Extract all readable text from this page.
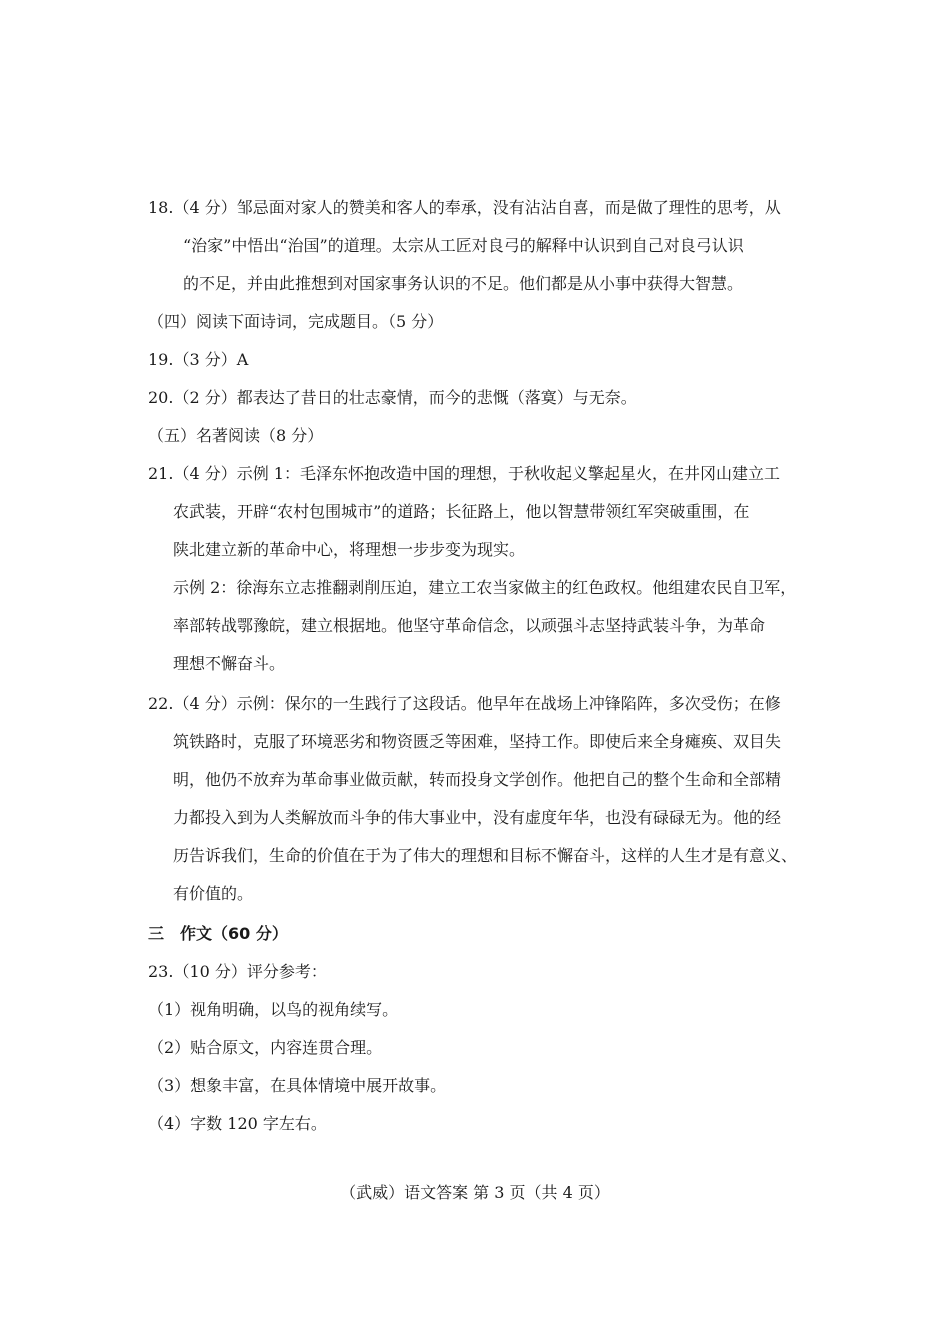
18.（4 分）邹忌面对家人的赞美和客人的奉承，没有沾沾自喜，而是做了理性的思考，从
“治家”中悟出“治国”的道理。太宗从工匠对良弓的解释中认识到自己对良弓认识
的不足，并由此推想到对国家事务认识的不足。他们都是从小事中获得大智慧。
（四）阅读下面诗词，完成题目。（5 分）
19.（3 分）A
20.（2 分）都表达了昔日的壮志豪情，而今的悲慨（落寞）与无奈。
（五）名著阅读（8 分）
21.（4 分）示例 1：毛泽东怀抱改造中国的理想，于秋收起义擎起星火，在井冈山建立工
农武装，开辟“农村包围城市”的道路；长征路上，他以智慧带领红军突破重围，在
陕北建立新的革命中心，将理想一步步变为现实。
示例 2：徐海东立志推翻剥削压迫，建立工农当家做主的红色政权。他组建农民自卫军，
率部转战鄂豫皖，建立根据地。他坚守革命信念，以顽强斗志坚持武装斗争，为革命
理想不懈奋斗。
22.（4 分）示例：保尔的一生践行了这段话。他早年在战场上冲锋陷阵，多次受伤；在修
筑铁路时，克服了环境恶劣和物资匮乏等困难，坚持工作。即使后来全身瘫痪、双目失
明，他仍不放弃为革命事业做贡献，转而投身文学创作。他把自己的整个生命和全部精
力都投入到为人类解放而斗争的伟大事业中，没有虚度年华，也没有碌碌无为。他的经
历告诉我们，生命的价值在于为了伟大的理想和目标不懈奋斗，这样的人生才是有意义、
有价值的。
三　作文（60 分）
23.（10 分）评分参考：
（1）视角明确，以鸟的视角续写。
（2）贴合原文，内容连贯合理。
（3）想象丰富，在具体情境中展开故事。
（4）字数 120 字左右。
（武威）语文答案 第 3 页（共 4 页）
